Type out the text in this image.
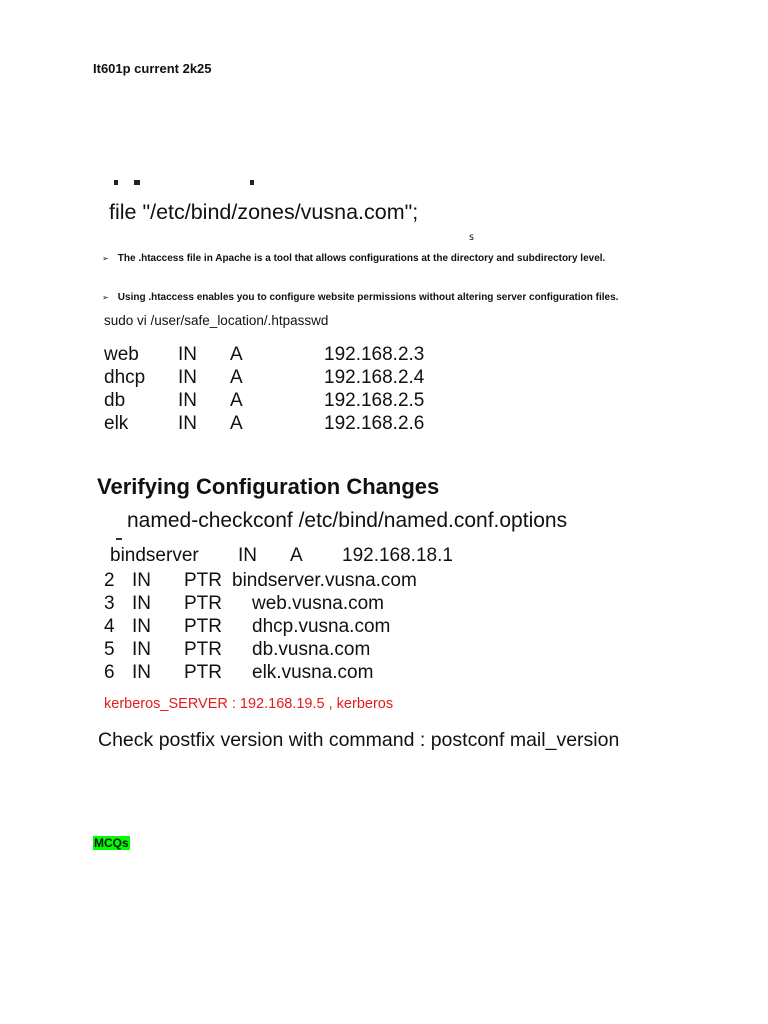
It601p current 2k25
file "/etc/bind/zones/vusna.com";
s
➢ The .htaccess file in Apache is a tool that allows configurations at the directory and subdirectory level.
➢ Using .htaccess enables you to configure website permissions without altering server configuration files.
sudo vi /user/safe_location/.htpasswd
web	IN	A	192.168.2.3
dhcp	IN	A	192.168.2.4
db	IN	A	192.168.2.5
elk	IN	A	192.168.2.6
Verifying Configuration Changes
named-checkconf /etc/bind/named.conf.options
bindserver IN A 192.168.18.1
2	IN	PTR	bindserver.vusna.com
3	IN	PTR	web.vusna.com
4	IN	PTR	dhcp.vusna.com
5	IN	PTR	db.vusna.com
6	IN	PTR	elk.vusna.com
kerberos_SERVER : 192.168.19.5 , kerberos
Check postfix version with command : postconf mail_version
MCQs
